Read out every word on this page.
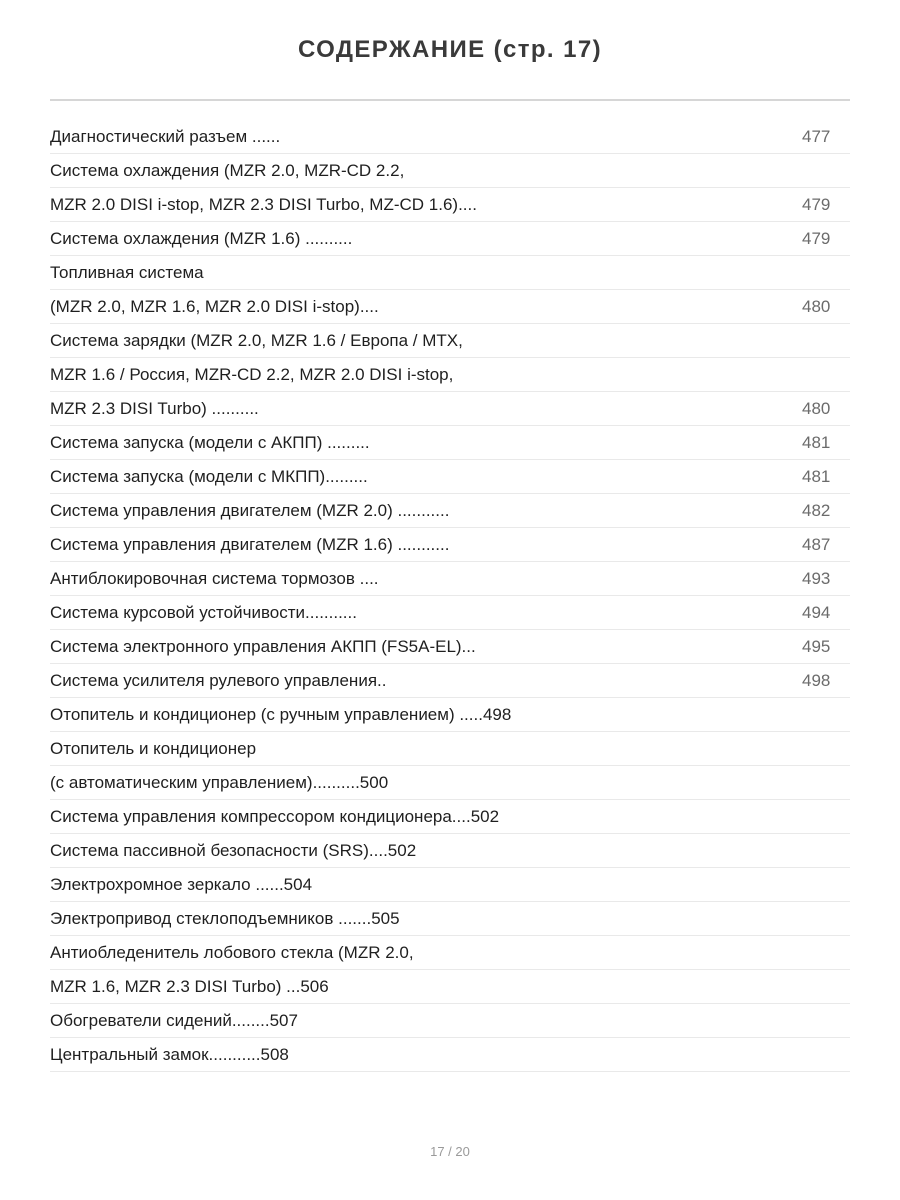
СОДЕРЖАНИЕ (стр. 17)
Диагностический разъем ......	477
Система охлаждения (MZR 2.0, MZR-CD 2.2,
MZR 2.0 DISI i-stop, MZR 2.3 DISI Turbo, MZ-CD 1.6)....	479
Система охлаждения (MZR 1.6) ..........	479
Топливная система
(MZR 2.0, MZR 1.6, MZR 2.0 DISI i-stop)....	480
Система зарядки (MZR 2.0, MZR 1.6 / Европа / MTX,
MZR 1.6 / Россия, MZR-CD 2.2, MZR 2.0 DISI i-stop,
MZR 2.3 DISI Turbo) ..........	480
Система запуска (модели с АКПП) .........	481
Система запуска (модели с МКПП).........	481
Система управления двигателем (MZR 2.0) ...........	482
Система управления двигателем (MZR 1.6) ...........	487
Антиблокировочная система тормозов ....	493
Система курсовой устойчивости...........	494
Система электронного управления АКПП (FS5A-EL)...	495
Система усилителя рулевого управления..	498
Отопитель и кондиционер (с ручным управлением) .....498
Отопитель и кондиционер
(с автоматическим управлением)..........500
Система управления компрессором кондиционера....502
Система пассивной безопасности (SRS)....502
Электрохромное зеркало ......504
Электропривод стеклоподъемников .......505
Антиобледенитель лобового стекла (MZR 2.0,
MZR 1.6, MZR 2.3 DISI Turbo) ...506
Обогреватели сидений........507
Центральный замок...........508
17 / 20
